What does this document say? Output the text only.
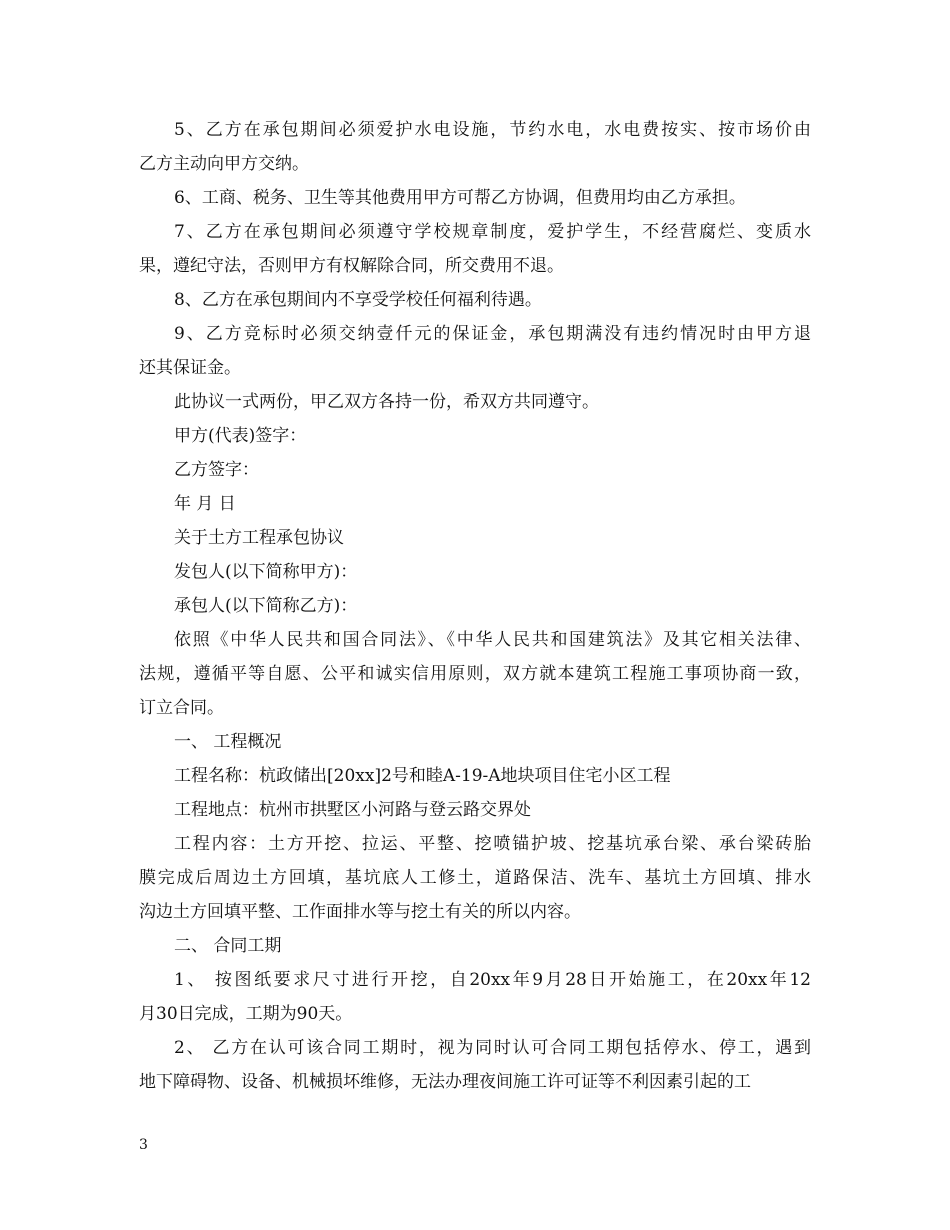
5、乙方在承包期间必须爱护水电设施，节约水电，水电费按实、按市场价由
乙方主动向甲方交纳。
6、工商、税务、卫生等其他费用甲方可帮乙方协调，但费用均由乙方承担。
7、乙方在承包期间必须遵守学校规章制度，爱护学生，不经营腐烂、变质水
果，遵纪守法，否则甲方有权解除合同，所交费用不退。
8、乙方在承包期间内不享受学校任何福利待遇。
9、乙方竞标时必须交纳壹仟元的保证金，承包期满没有违约情况时由甲方退
还其保证金。
此协议一式两份，甲乙双方各持一份，希双方共同遵守。
甲方(代表)签字：
乙方签字：
年 月 日
关于土方工程承包协议
发包人(以下简称甲方)：
承包人(以下简称乙方)：
依照《中华人民共和国合同法》、《中华人民共和国建筑法》及其它相关法律、
法规，遵循平等自愿、公平和诚实信用原则，双方就本建筑工程施工事项协商一致，
订立合同。
一、 工程概况
工程名称：杭政储出[20xx]2号和睦A-19-A地块项目住宅小区工程
工程地点：杭州市拱墅区小河路与登云路交界处
工程内容：土方开挖、拉运、平整、挖喷锚护坡、挖基坑承台梁、承台梁砖胎
膜完成后周边土方回填，基坑底人工修土，道路保洁、洗车、基坑土方回填、排水
沟边土方回填平整、工作面排水等与挖土有关的所以内容。
二、 合同工期
1、 按图纸要求尺寸进行开挖，自20xx年9月28日开始施工，在20xx年12
月30日完成，工期为90天。
2、 乙方在认可该合同工期时，视为同时认可合同工期包括停水、停工，遇到
地下障碍物、设备、机械损坏维修，无法办理夜间施工许可证等不利因素引起的工
3
